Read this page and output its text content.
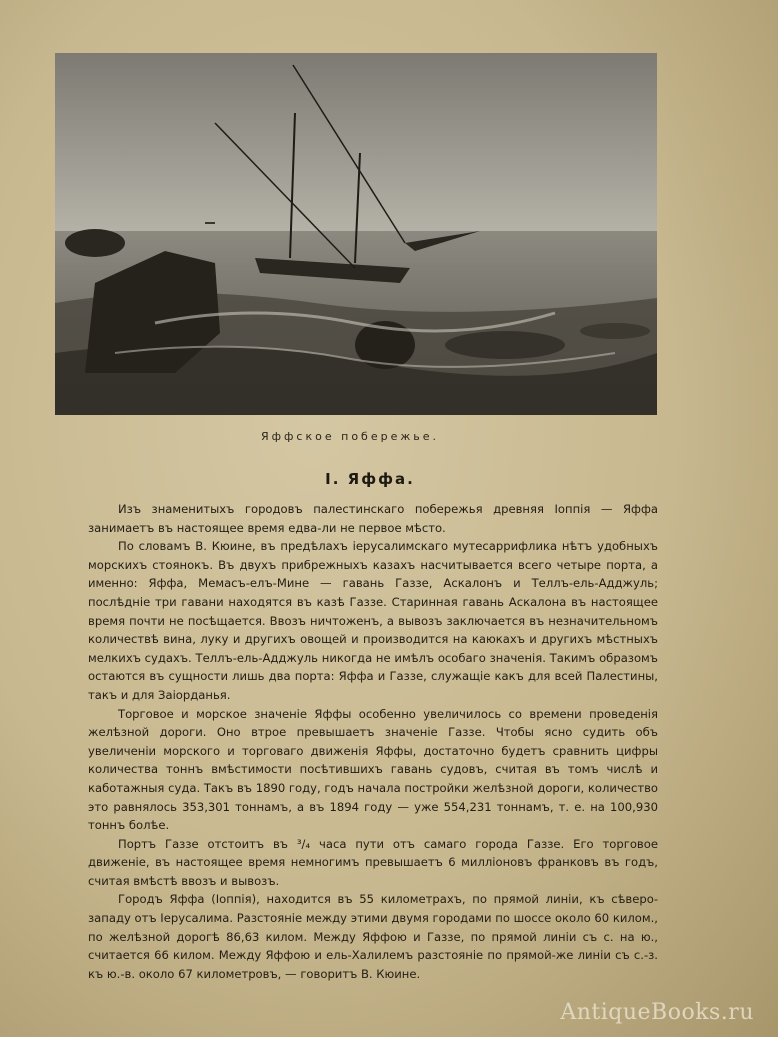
Яффское побережье.
I. Яффа.

Изъ знаменитыхъ городовъ палестинскаго побережья древняя Іоппія — Яффа занимаетъ въ настоящее время едва-ли не первое мѣсто.

По словамъ В. Кюине, въ предѣлахъ іерусалимскаго мутесаррифлика нѣтъ удобныхъ морскихъ стоянокъ. Въ двухъ прибрежныхъ казахъ насчитывается всего четыре порта, а именно: Яффа, Мемасъ-елъ-Мине — гавань Газзе, Аскалонъ и Теллъ-ель-Адджуль; послѣдніе три гавани находятся въ казѣ Газзе. Старинная гавань Аскалона въ настоящее время почти не посѣщается. Ввозъ ничтоженъ, а вывозъ заключается въ незначительномъ количествѣ вина, луку и другихъ овощей и производится на каюкахъ и другихъ мѣстныхъ мелкихъ судахъ. Теллъ-ель-Адджуль никогда не имѣлъ особаго значенія. Такимъ образомъ остаются въ сущности лишь два порта: Яффа и Газзе, служащіе какъ для всей Палестины, такъ и для Заіорданья.

Торговое и морское значеніе Яффы особенно увеличилось со времени проведенія желѣзной дороги. Оно втрое превышаетъ значеніе Газзе. Чтобы ясно судить объ увеличеніи морского и торговаго движенія Яффы, достаточно будетъ сравнить цифры количества тоннъ вмѣстимости посѣтившихъ гавань судовъ, считая въ томъ числѣ и каботажныя суда. Такъ въ 1890 году, годъ начала постройки желѣзной дороги, количество это равнялось 353,301 тоннамъ, а въ 1894 году — уже 554,231 тоннамъ, т. е. на 100,930 тоннъ болѣе.

Портъ Газзе отстоитъ въ ³/₄ часа пути отъ самаго города Газзе. Его торговое движеніе, въ настоящее время немногимъ превышаетъ 6 милліоновъ франковъ въ годъ, считая вмѣстѣ ввозъ и вывозъ.

Городъ Яффа (Іоппія), находится въ 55 километрахъ, по прямой линіи, къ сѣверо-западу отъ Іерусалима. Разстояніе между этими двумя городами по шоссе около 60 килом., по желѣзной дорогѣ 86,63 килом. Между Яффою и Газзе, по прямой линіи съ с. на ю., считается 66 килом. Между Яффою и ель-Халилемъ разстояніе по прямой-же линіи съ с.-з. къ ю.-в. около 67 километровъ, — говоритъ В. Кюине.

AntiqueBooks.ru
